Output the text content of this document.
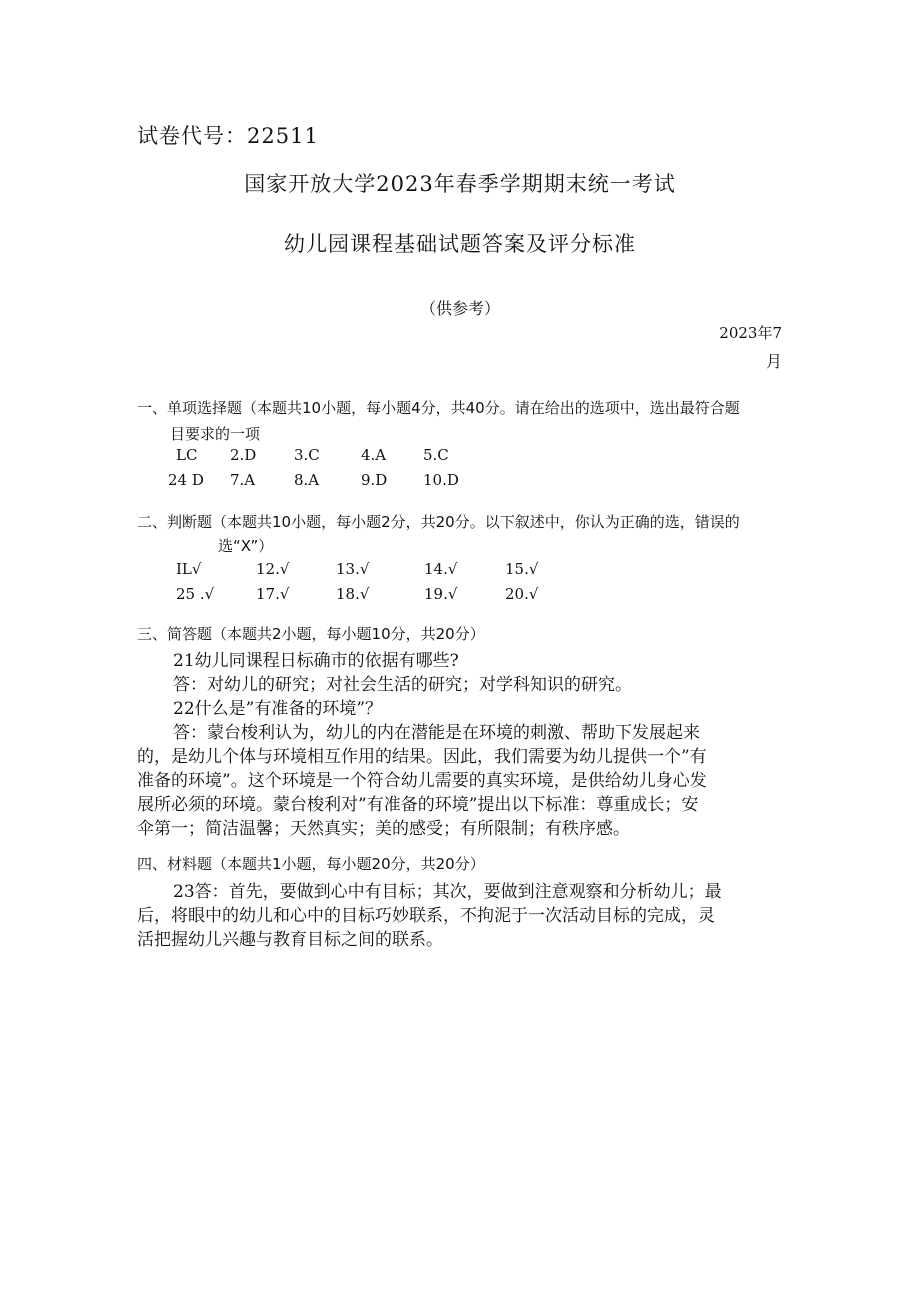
试卷代号：22511
国家开放大学2023年春季学期期末统一考试
幼儿园课程基础试题答案及评分标准
（供参考）
2023年7
月
一、单项选择题（本题共10小题，每小题4分，共40分。请在给出的选项中，选出最符合题
目要求的一项
LC 2.D	3.C	4.A 5.C
24 D 7.A	8.A	9.D 10.D
二、判断题（本题共10小题，每小题2分，共20分。以下叙述中，你认为正确的选，错误的
选“X”）
IL√	12.√	13.√	14.√	15.√
25 .√	17.√	18.√	19.√	20.√
三、简答题（本题共2小题，每小题10分，共20分）
21幼儿同课程日标确市的依据有哪些?
答：对幼儿的研究；对社会生活的研究；对学科知识的研究。
22什么是”有准备的环境”？
答：蒙台梭利认为，幼儿的内在潜能是在环境的刺激、帮助下发展起来
的，是幼儿个体与环境相互作用的结果。因此，我们需要为幼儿提供一个”有
准备的环境”。这个环境是一个符合幼儿需要的真实环境，是供给幼儿身心发
展所必须的环境。蒙台梭利对”有准备的环境”提出以下标准：尊重成长；安
伞第一；简洁温馨；天然真实；美的感受；有所限制；有秩序感。
四、材料题（本题共1小题，每小题20分，共20分）
23答：首先，要做到心中有目标；其次，要做到注意观察和分析幼儿；最
后，将眼中的幼儿和心中的目标巧妙联系，不拘泥于一次活动目标的完成，灵
活把握幼儿兴趣与教育目标之间的联系。
